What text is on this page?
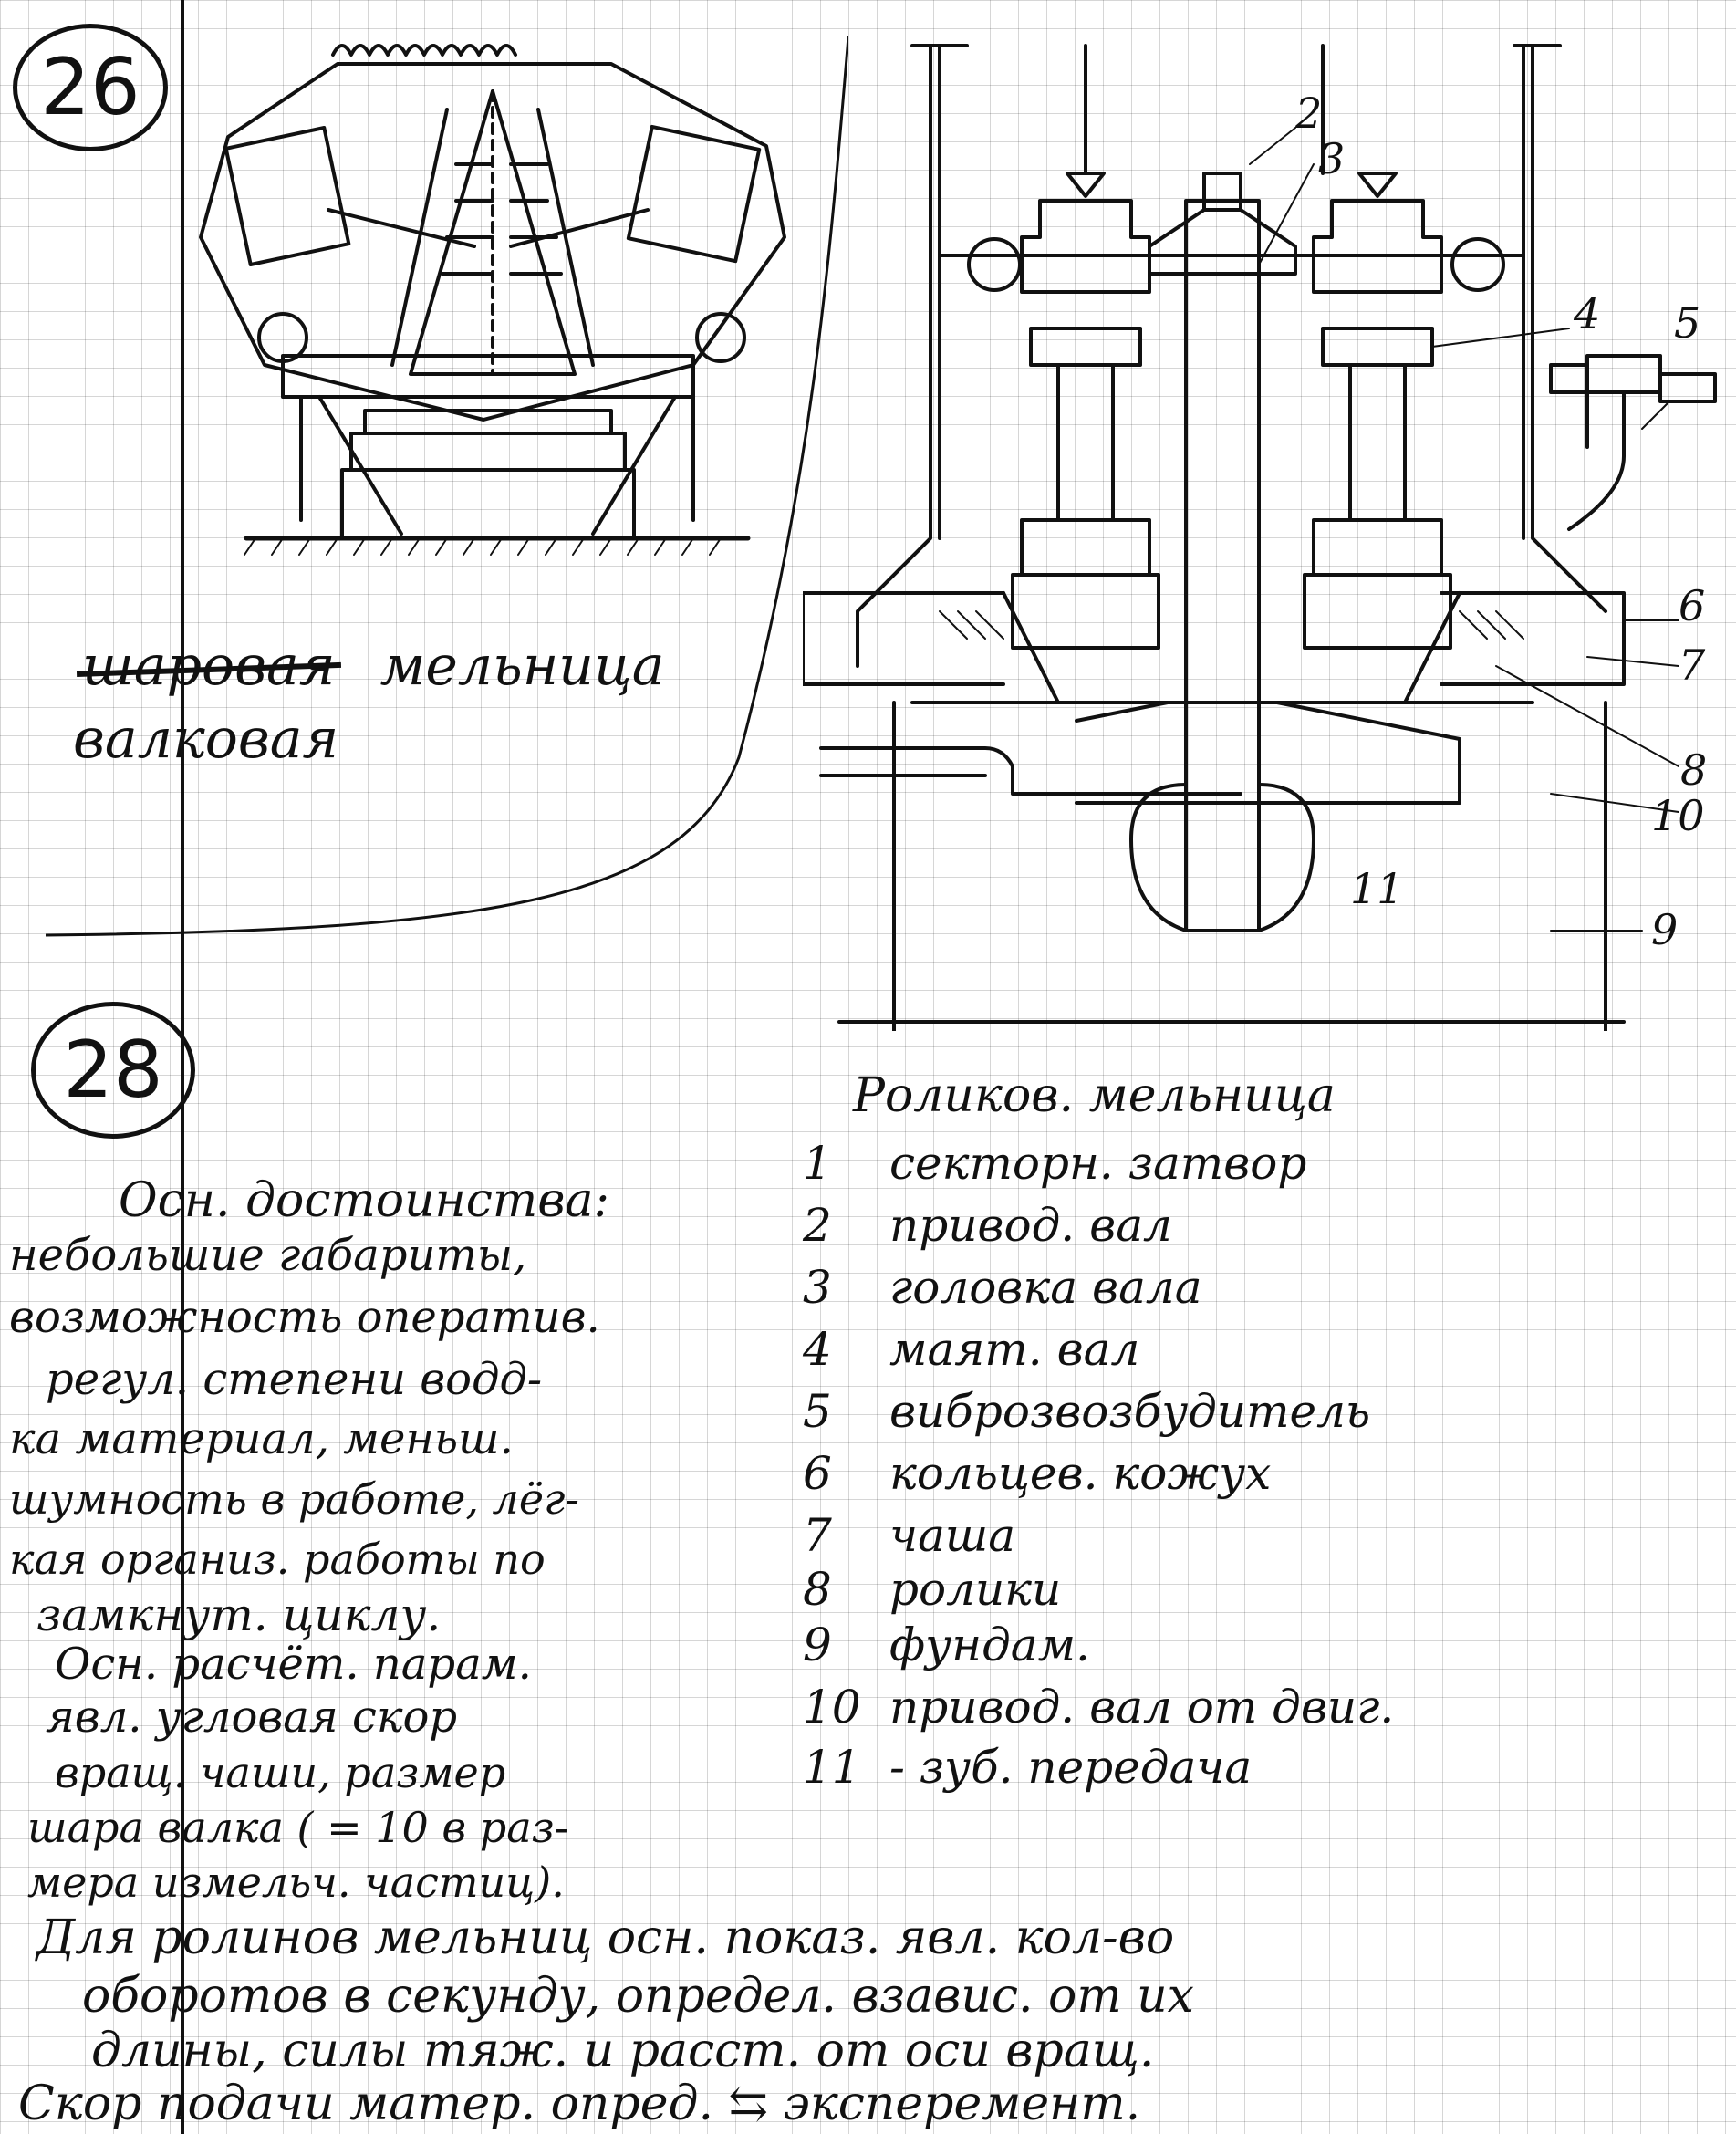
26

шаровая мельница

валковая

2
3
4 5
6
7
8
10
11
9
28	Роликов. мельница

1	секторн. затвор
2	привод. вал
3	головка вала
4	маят. вал
5	виброзвозбудитель
6	кольцев. кожух
7	чаша
8	ролики
9	фундам.
10 привод. вал от двиг.
11 - зуб. передача

Осн. достоинства:

небольшие габариты,

возможность оператив.

регул. степени водд-

ка материал, меньш.

шумность в работе, лёг-

кая организ. работы по

замкнут. циклу.

Осн. расчёт. парам.

явл. угловая скор

вращ. чаши, размер

шара валка ( = 10 в раз-

мера измельч. частиц).

Для ролинов мельниц осн. показ. явл. кол-во

оборотов в секунду, определ. взавис. от их

длины, силы тяж. и расст. от оси вращ.

Скор подачи матер. опред. ⇆ эксперемент.
